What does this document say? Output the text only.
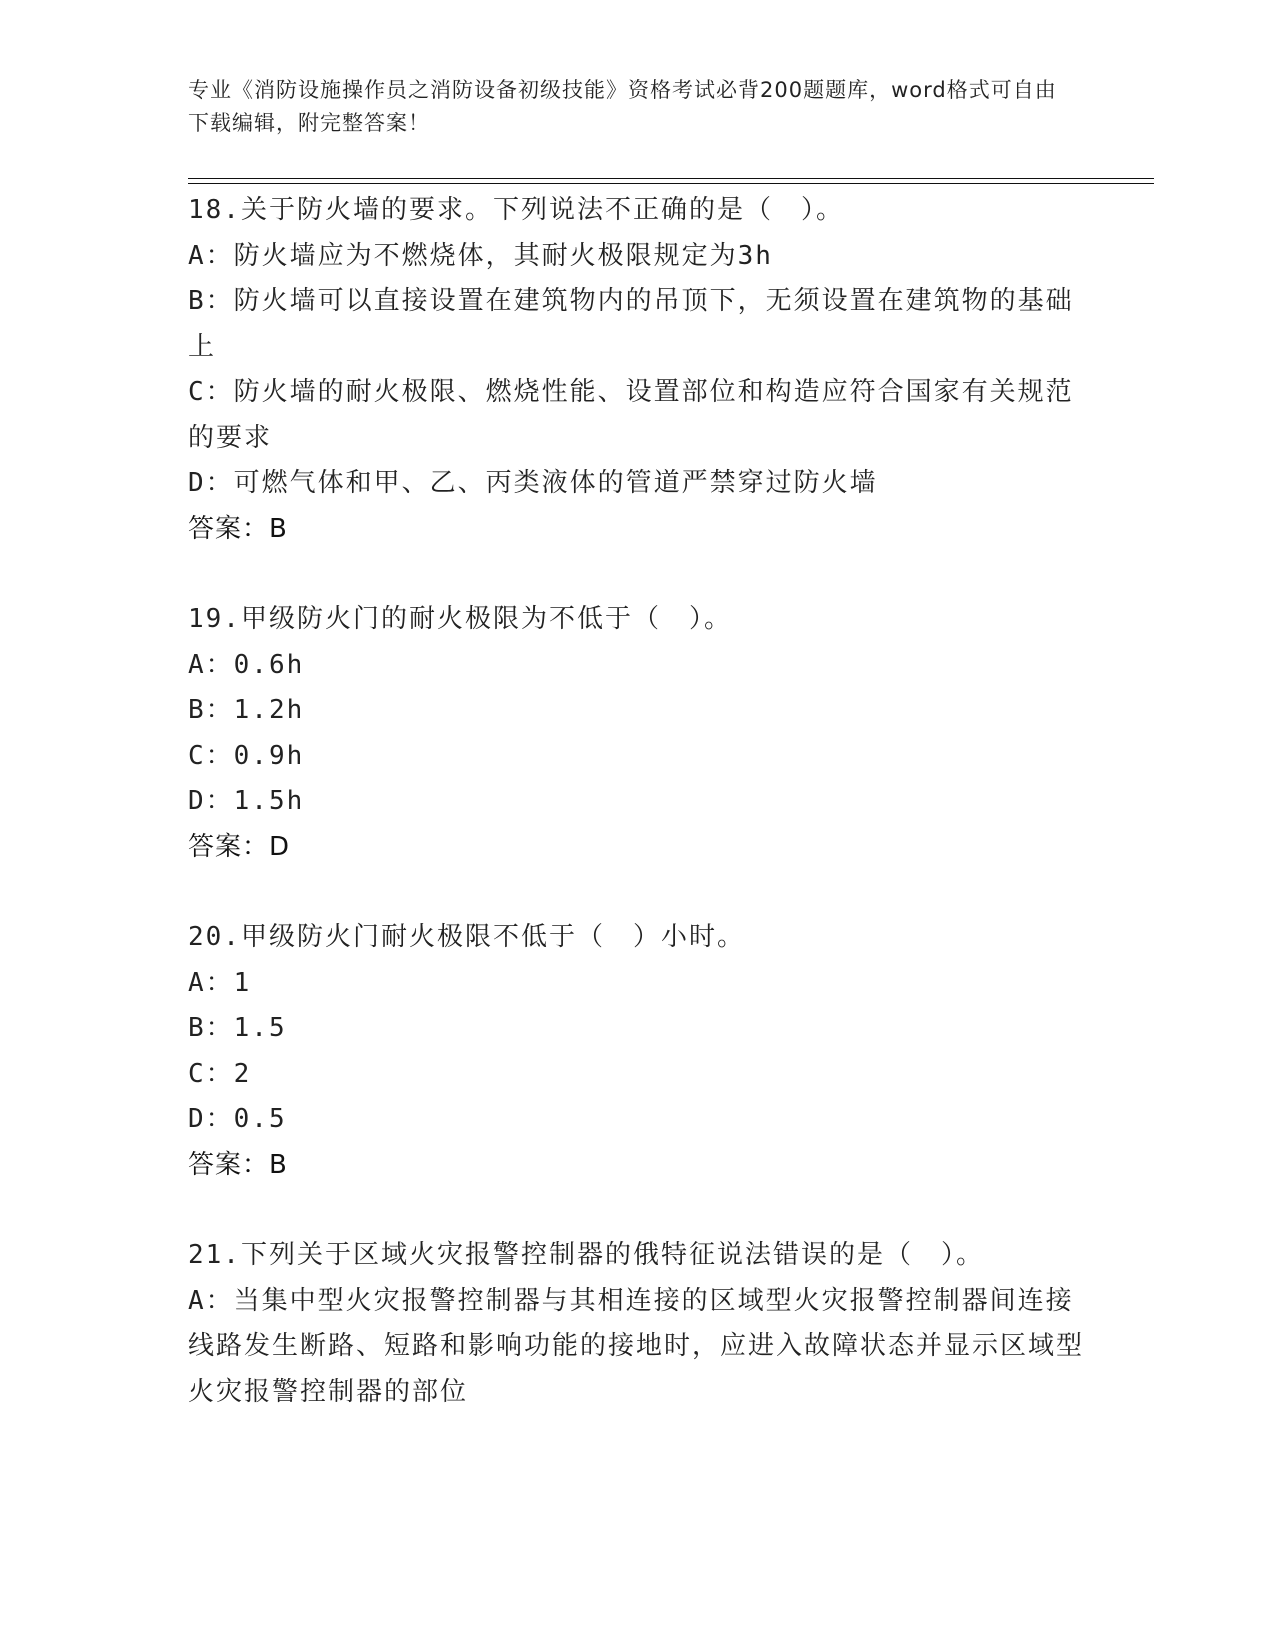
专业《消防设施操作员之消防设备初级技能》资格考试必背200题题库，word格式可自由下载编辑，附完整答案！
18.关于防火墙的要求。下列说法不正确的是（　）。
A：防火墙应为不燃烧体，其耐火极限规定为3h
B：防火墙可以直接设置在建筑物内的吊顶下，无须设置在建筑物的基础上
C：防火墙的耐火极限、燃烧性能、设置部位和构造应符合国家有关规范的要求
D：可燃气体和甲、乙、丙类液体的管道严禁穿过防火墙
答案：B
19.甲级防火门的耐火极限为不低于（　）。
A：0.6h
B：1.2h
C：0.9h
D：1.5h
答案：D
20.甲级防火门耐火极限不低于（　）小时。
A：1
B：1.5
C：2
D：0.5
答案：B
21.下列关于区域火灾报警控制器的俄特征说法错误的是（　）。
A：当集中型火灾报警控制器与其相连接的区域型火灾报警控制器间连接线路发生断路、短路和影响功能的接地时，应进入故障状态并显示区域型火灾报警控制器的部位
